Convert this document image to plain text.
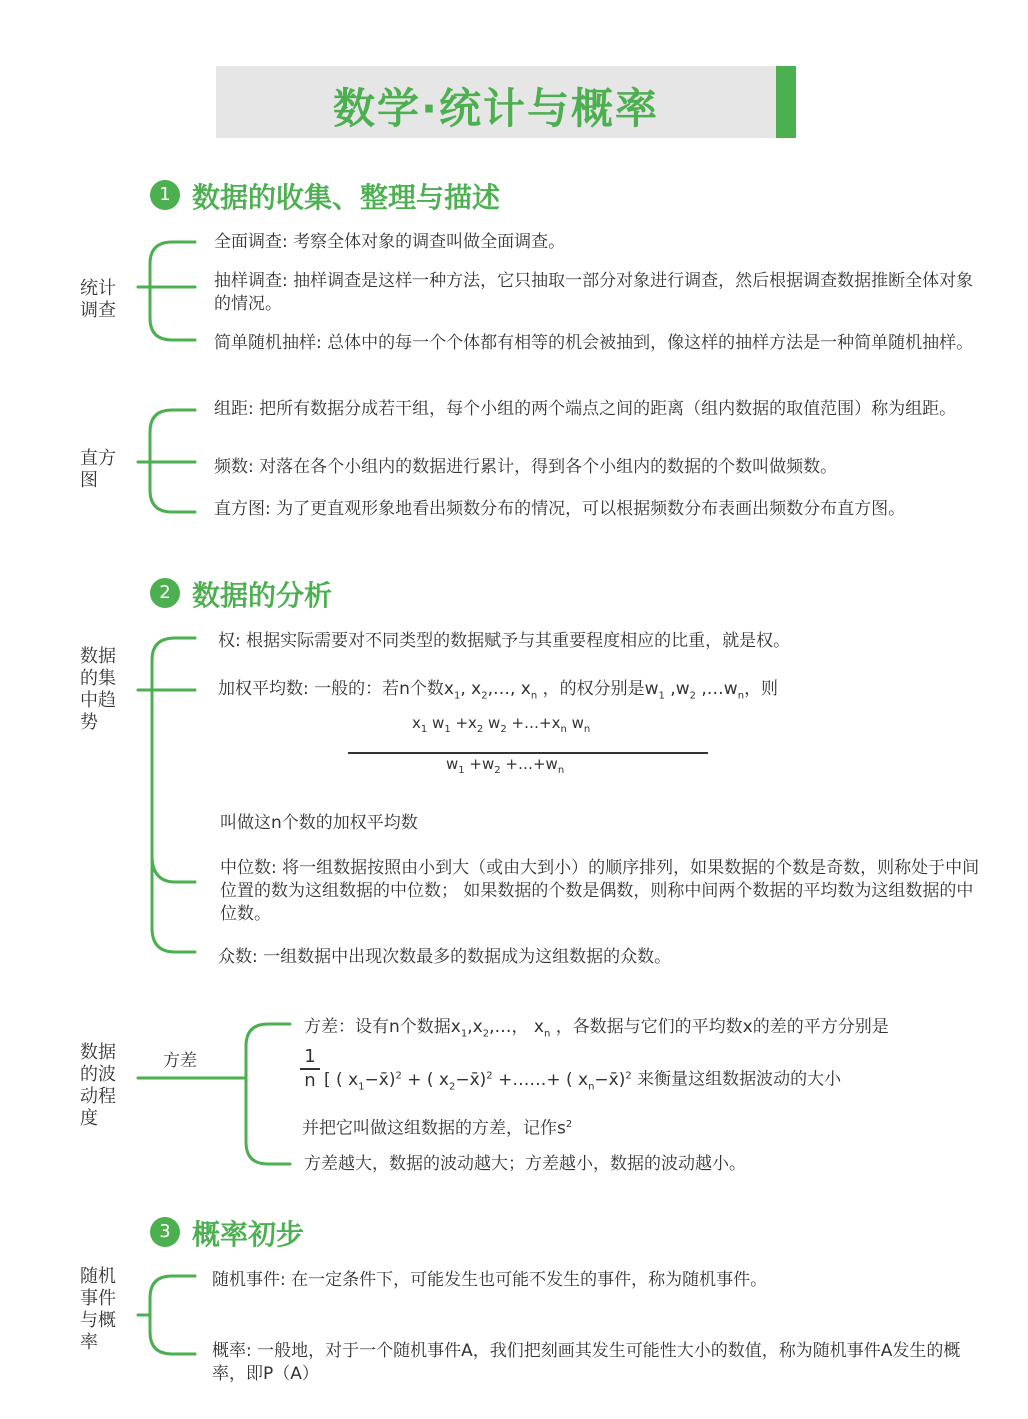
数学·统计与概率
1 数据的收集、整理与描述
统计调查
全面调查: 考察全体对象的调查叫做全面调查。
抽样调查: 抽样调查是这样一种方法，它只抽取一部分对象进行调查，然后根据调查数据推断全体对象的情况。
简单随机抽样: 总体中的每一个个体都有相等的机会被抽到，像这样的抽样方法是一种简单随机抽样。
直方图
组距: 把所有数据分成若干组，每个小组的两个端点之间的距离（组内数据的取值范围）称为组距。
频数: 对落在各个小组内的数据进行累计，得到各个小组内的数据的个数叫做频数。
直方图: 为了更直观形象地看出频数分布的情况，可以根据频数分布表画出频数分布直方图。
2 数据的分析
数据的集中趋势
权: 根据实际需要对不同类型的数据赋予与其重要程度相应的比重，就是权。
加权平均数: 一般的：若n个数$x_1$, $x_2,\dots$, $x_n$ ，的权分别是$w_1$ $,w_2$ $,\dots w_n$，则
$x_1$ $w_1 +x_2$ $w_2$ $+\dots+x_n$ $w_n$
$w_1 +w_2$ $+\dots+w_n$
叫做这n个数的加权平均数
中位数: 将一组数据按照由小到大（或由大到小）的顺序排列，如果数据的个数是奇数，则称处于中间位置的数为这组数据的中位数； 如果数据的个数是偶数，则称中间两个数据的平均数为这组数据的中位数。
众数: 一组数据中出现次数最多的数据成为这组数据的众数。
数据的波动程度
方差
方差：设有n个数据$x_1,x_2,\dots$， $x_n$ ，各数据与它们的平均数x的差的平方分别是
1
n [ ( $x_1-x̄)^2$ + ( $x_2-x̄)^2$ +……+ ( $x_n-x̄)^2$ 来衡量这组数据波动的大小
并把它叫做这组数据的方差，记作$s^2$
方差越大，数据的波动越大；方差越小，数据的波动越小。
3 概率初步
随机事件与概率
随机事件: 在一定条件下，可能发生也可能不发生的事件，称为随机事件。
概率: 一般地，对于一个随机事件A，我们把刻画其发生可能性大小的数值，称为随机事件A发生的概率，即P（A）
